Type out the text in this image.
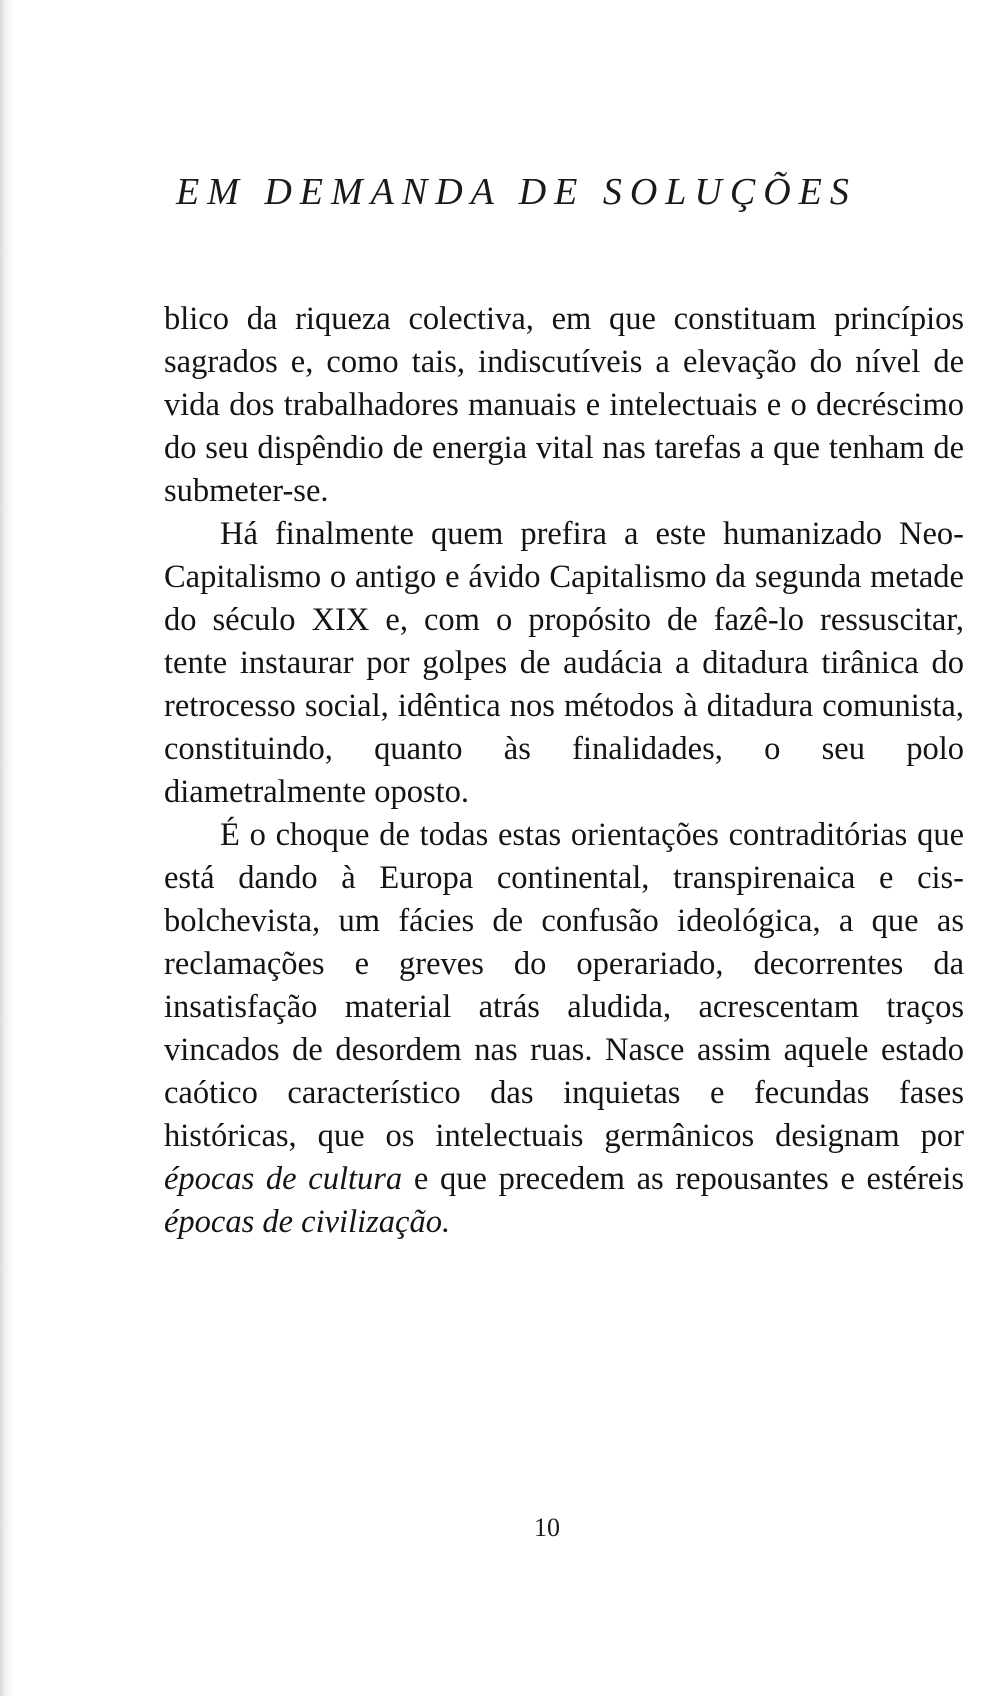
EM DEMANDA DE SOLUÇÕES

blico da riqueza colectiva, em que constituam princípios sagrados e, como tais, indiscutíveis a elevação do nível de vida dos trabalhadores manuais e intelectuais e o decréscimo do seu dispêndio de energia vital nas tarefas a que tenham de submeter-se.

Há finalmente quem prefira a este humanizado Neo-Capitalismo o antigo e ávido Capitalismo da segunda metade do século XIX e, com o propósito de fazê-lo ressuscitar, tente instaurar por golpes de audácia a ditadura tirânica do retrocesso social, idêntica nos métodos à ditadura comunista, constituindo, quanto às finalidades, o seu polo diametralmente oposto.

É o choque de todas estas orientações contraditórias que está dando à Europa continental, transpirenaica e cis-bolchevista, um fácies de confusão ideológica, a que as reclamações e greves do operariado, decorrentes da insatisfação material atrás aludida, acrescentam traços vincados de desordem nas ruas. Nasce assim aquele estado caótico característico das inquietas e fecundas fases históricas, que os intelectuais germânicos designam por épocas de cultura e que precedem as repousantes e estéreis épocas de civilização.

10
